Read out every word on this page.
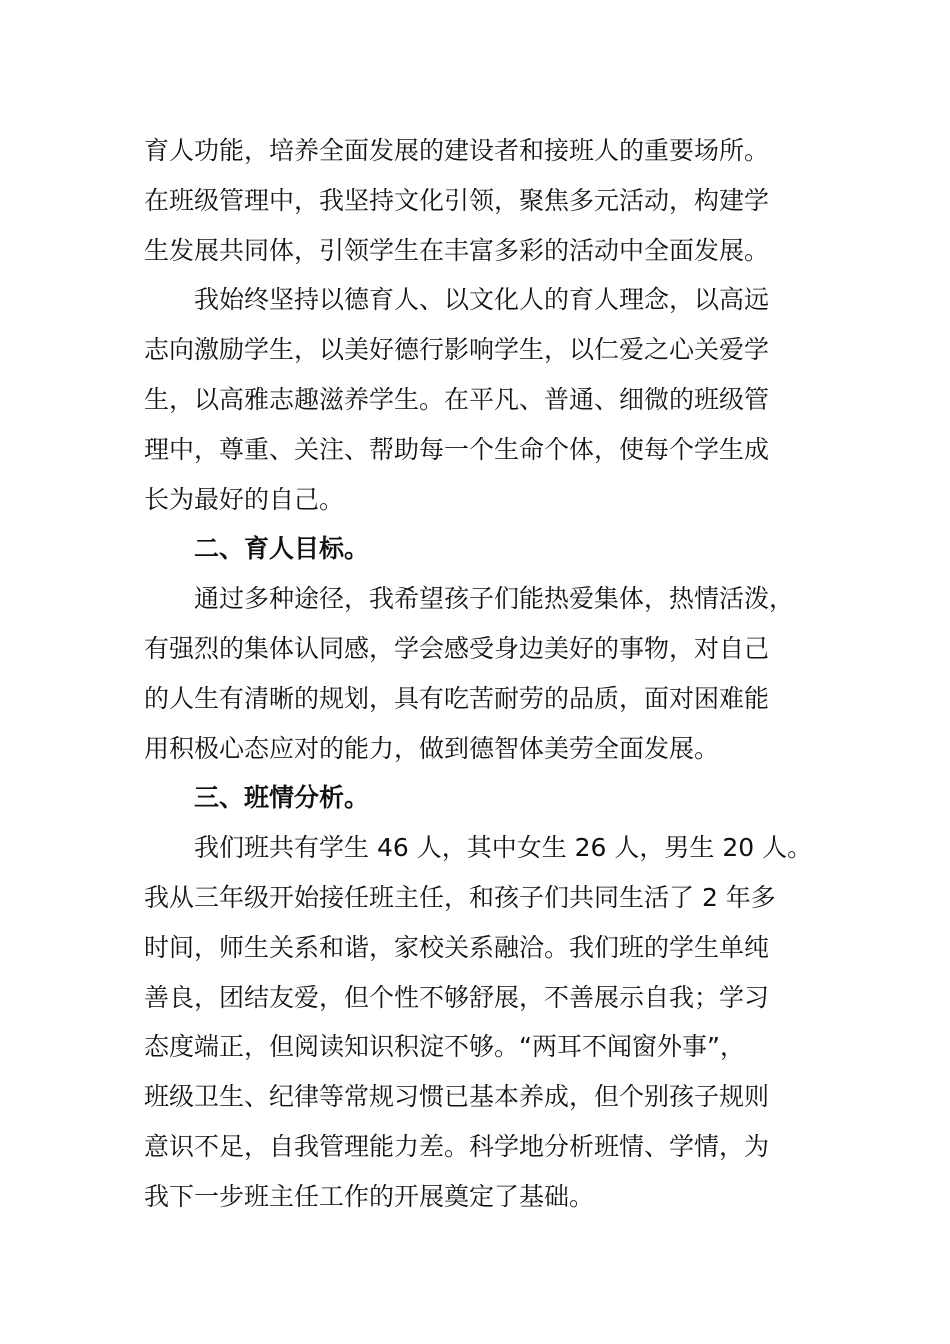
育人功能，培养全面发展的建设者和接班人的重要场所。
在班级管理中，我坚持文化引领，聚焦多元活动，构建学
生发展共同体，引领学生在丰富多彩的活动中全面发展。
我始终坚持以德育人、以文化人的育人理念，以高远
志向激励学生，以美好德行影响学生，以仁爱之心关爱学
生，以高雅志趣滋养学生。在平凡、普通、细微的班级管
理中，尊重、关注、帮助每一个生命个体，使每个学生成
长为最好的自己。
二、育人目标。
通过多种途径，我希望孩子们能热爱集体，热情活泼，
有强烈的集体认同感，学会感受身边美好的事物，对自己
的人生有清晰的规划，具有吃苦耐劳的品质，面对困难能
用积极心态应对的能力，做到德智体美劳全面发展。
三、班情分析。
我们班共有学生 46 人，其中女生 26 人，男生 20 人。
我从三年级开始接任班主任，和孩子们共同生活了 2 年多
时间，师生关系和谐，家校关系融洽。我们班的学生单纯
善良，团结友爱，但个性不够舒展，不善展示自我；学习
态度端正，但阅读知识积淀不够。“两耳不闻窗外事”，
班级卫生、纪律等常规习惯已基本养成，但个别孩子规则
意识不足，自我管理能力差。科学地分析班情、学情，为
我下一步班主任工作的开展奠定了基础。
